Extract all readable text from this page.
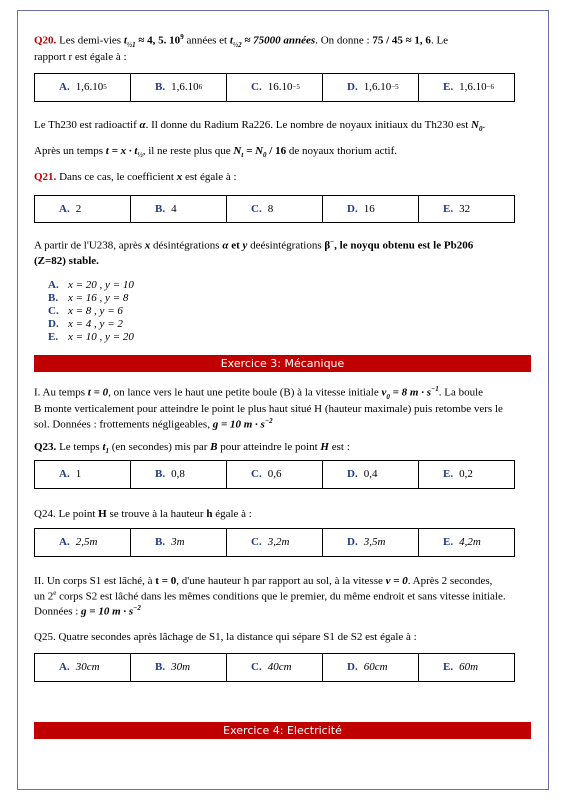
Q20. Les demi-vies $t_{\frac{1}{2}1} \approx 4$, 5. $10^9$ années et $t_{\frac{1}{2}2} \approx 75000$ années. On donne : 75 / 45 ≈ 1, 6. Le
rapport r est égale à :
A. 1,6.10 5	B. 1,6.10 6	C. 16.10 −5	D. 1,6.10 −5	E. 1,6.10 −6
Le Th230 est radioactif α. Il donne du Radium Ra226. Le nombre de noyaux initiaux du Th230 est $N_0$.
Après un temps $t = x \cdot t_{\frac{1}{2}}$, il ne reste plus que $N_t = N_0 / 16$ de noyaux thorium actif.
Q21. Dans ce cas, le coefficient x est égale à :
A. 2	B. 4	C. 8	D. 16	E. 32
A partir de l'U238, après x désintégrations α et y deésintégrations β−, le noyqu obtenu est le Pb206
(Z=82) stable.
A. x = 20 , y = 10
B. x = 16 , y = 8
C. x = 8 , y = 6
D. x = 4 , y = 2
E. x = 10 , y = 20
Exercice 3: Mécanique
I. Au temps t = 0, on lance vers le haut une petite boule (B) à la vitesse initiale $v_0 = 8$ $m \cdot s^{-1}$. La boule
B monte verticalement pour atteindre le point le plus haut situé H (hauteur maximale) puis retombe vers le
sol. Données : frottements négligeables, g = 10 $m \cdot s^{-2}$
Q23. Le temps $t_1$ (en secondes) mis par B pour atteindre le point H est :
A. 1	B. 0,8	C. 0,6	D. 0,4	E. 0,2
Q24. Le point H se trouve à la hauteur h égale à :
A. 2,5m	B. 3m	C. 3,2m	D. 3,5m	E. 4,2m
II. Un corps S1 est lâché, à t = 0, d'une hauteur h par rapport au sol, à la vitesse v = 0. Après 2 secondes,
un 2e corps S2 est lâché dans les mêmes conditions que le premier, du même endroit et sans vitesse initiale.
Données : g = 10 $m \cdot s^{-2}$
Q25. Quatre secondes après lâchage de S1, la distance qui sépare S1 de S2 est égale à :
A. 30cm	B. 30m	C. 40cm	D. 60cm	E. 60m
Exercice 4: Electricité
